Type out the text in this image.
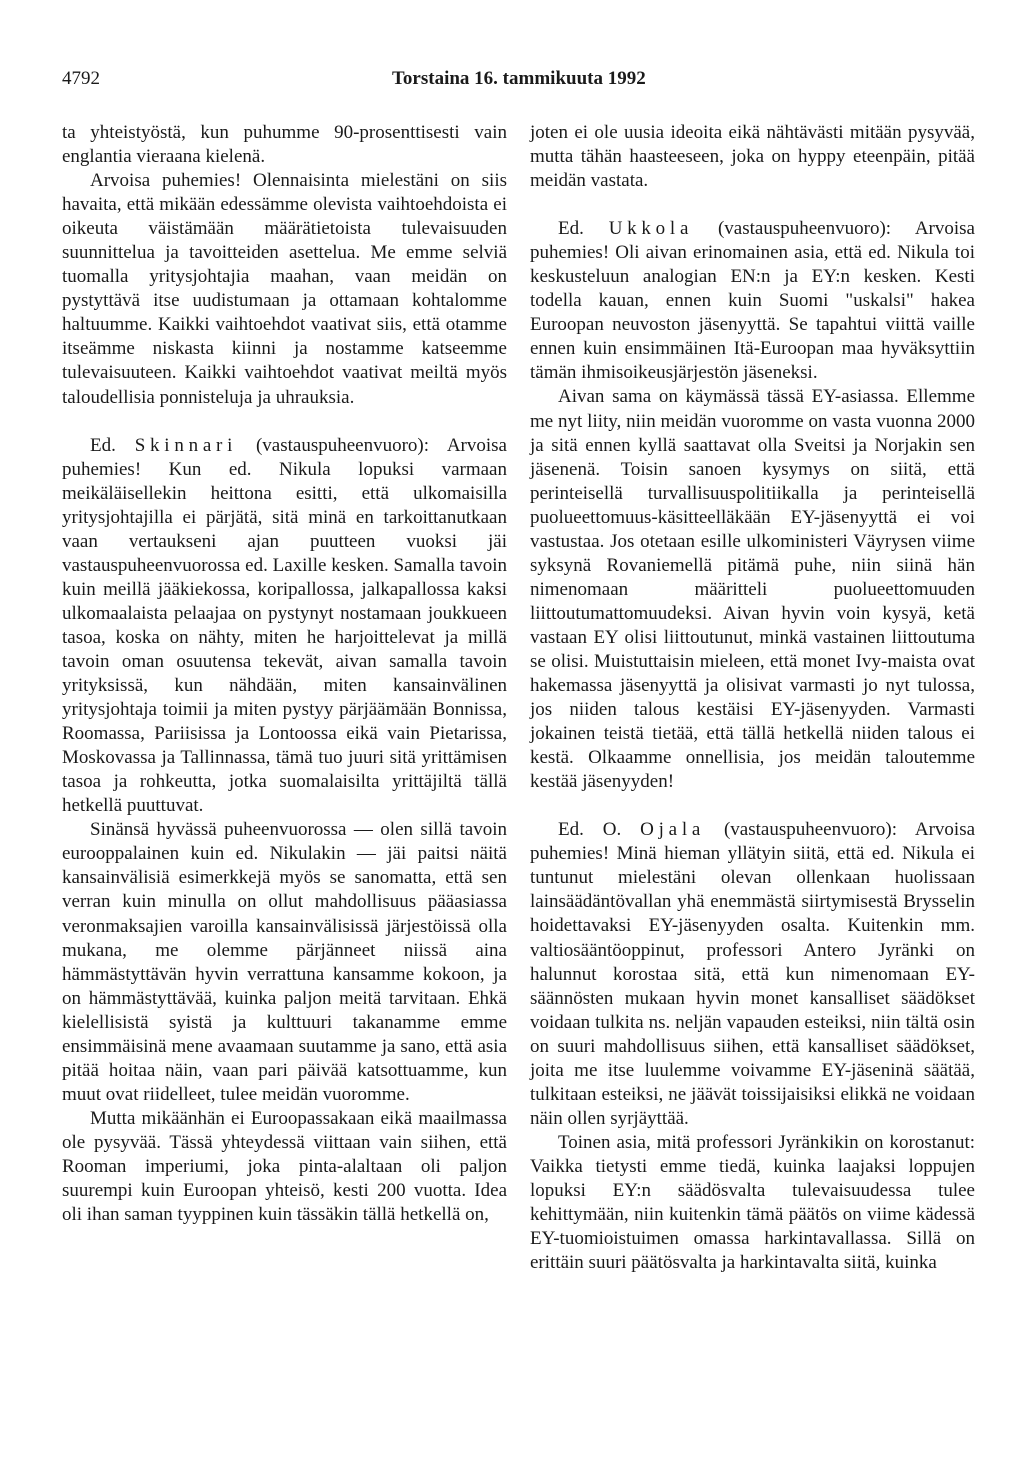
4792	Torstaina 16. tammikuuta 1992

ta yhteistyöstä, kun puhumme 90-prosenttisesti vain englantia vieraana kielenä.

Arvoisa puhemies! Olennaisinta mielestäni on siis havaita, että mikään edessämme olevista vaihtoehdoista ei oikeuta väistämään määrätietoista tulevaisuuden suunnittelua ja tavoitteiden asettelua. Me emme selviä tuomalla yritysjohtajia maahan, vaan meidän on pystyttävä itse uudistumaan ja ottamaan kohtalomme haltuumme. Kaikki vaihtoehdot vaativat siis, että otamme itseämme niskasta kiinni ja nostamme katseemme tulevaisuuteen. Kaikki vaihtoehdot vaativat meiltä myös taloudellisia ponnisteluja ja uhrauksia.

Ed. Skinnari (vastauspuheenvuoro): Arvoisa puhemies! Kun ed. Nikula lopuksi varmaan meikäläisellekin heittona esitti, että ulkomaisilla yritysjohtajilla ei pärjätä, sitä minä en tarkoittanutkaan vaan vertaukseni ajan puutteen vuoksi jäi vastauspuheenvuorossa ed. Laxille kesken. Samalla tavoin kuin meillä jääkiekossa, koripallossa, jalkapallossa kaksi ulkomaalaista pelaajaa on pystynyt nostamaan joukkueen tasoa, koska on nähty, miten he harjoittelevat ja millä tavoin oman osuutensa tekevät, aivan samalla tavoin yrityksissä, kun nähdään, miten kansainvälinen yritysjohtaja toimii ja miten pystyy pärjäämään Bonnissa, Roomassa, Pariisissa ja Lontoossa eikä vain Pietarissa, Moskovassa ja Tallinnassa, tämä tuo juuri sitä yrittämisen tasoa ja rohkeutta, jotka suomalaisilta yrittäjiltä tällä hetkellä puuttuvat.

Sinänsä hyvässä puheenvuorossa — olen sillä tavoin eurooppalainen kuin ed. Nikulakin — jäi paitsi näitä kansainvälisiä esimerkkejä myös se sanomatta, että sen verran kuin minulla on ollut mahdollisuus pääasiassa veronmaksajien varoilla kansainvälisissä järjestöissä olla mukana, me olemme pärjänneet niissä aina hämmästyttävän hyvin verrattuna kansamme kokoon, ja on hämmästyttävää, kuinka paljon meitä tarvitaan. Ehkä kielellisistä syistä ja kulttuuri takanamme emme ensimmäisinä mene avaamaan suutamme ja sano, että asia pitää hoitaa näin, vaan pari päivää katsottuamme, kun muut ovat riidelleet, tulee meidän vuoromme.

Mutta mikäänhän ei Euroopassakaan eikä maailmassa ole pysyvää. Tässä yhteydessä viittaan vain siihen, että Rooman imperiumi, joka pinta-alaltaan oli paljon suurempi kuin Euroopan yhteisö, kesti 200 vuotta. Idea oli ihan saman tyyppinen kuin tässäkin tällä hetkellä on,

joten ei ole uusia ideoita eikä nähtävästi mitään pysyvää, mutta tähän haasteeseen, joka on hyppy eteenpäin, pitää meidän vastata.

Ed. Ukkola (vastauspuheenvuoro): Arvoisa puhemies! Oli aivan erinomainen asia, että ed. Nikula toi keskusteluun analogian EN:n ja EY:n kesken. Kesti todella kauan, ennen kuin Suomi "uskalsi" hakea Euroopan neuvoston jäsenyyttä. Se tapahtui viittä vaille ennen kuin ensimmäinen Itä-Euroopan maa hyväksyttiin tämän ihmisoikeusjärjestön jäseneksi.

Aivan sama on käymässä tässä EY-asiassa. Ellemme me nyt liity, niin meidän vuoromme on vasta vuonna 2000 ja sitä ennen kyllä saattavat olla Sveitsi ja Norjakin sen jäsenenä. Toisin sanoen kysymys on siitä, että perinteisellä turvallisuuspolitiikalla ja perinteisellä puolueettomuus-käsitteelläkään EY-jäsenyyttä ei voi vastustaa. Jos otetaan esille ulkoministeri Väyrysen viime syksynä Rovaniemellä pitämä puhe, niin siinä hän nimenomaan määritteli puolueettomuuden liittoutumattomuudeksi. Aivan hyvin voin kysyä, ketä vastaan EY olisi liittoutunut, minkä vastainen liittoutuma se olisi. Muistuttaisin mieleen, että monet Ivy-maista ovat hakemassa jäsenyyttä ja olisivat varmasti jo nyt tulossa, jos niiden talous kestäisi EY-jäsenyyden. Varmasti jokainen teistä tietää, että tällä hetkellä niiden talous ei kestä. Olkaamme onnellisia, jos meidän taloutemme kestää jäsenyyden!

Ed. O. Ojala (vastauspuheenvuoro): Arvoisa puhemies! Minä hieman yllätyin siitä, että ed. Nikula ei tuntunut mielestäni olevan ollenkaan huolissaan lainsäädäntövallan yhä enemmästä siirtymisestä Brysselin hoidettavaksi EY-jäsenyyden osalta. Kuitenkin mm. valtiosääntöoppinut, professori Antero Jyränki on halunnut korostaa sitä, että kun nimenomaan EY-säännösten mukaan hyvin monet kansalliset säädökset voidaan tulkita ns. neljän vapauden esteiksi, niin tältä osin on suuri mahdollisuus siihen, että kansalliset säädökset, joita me itse luulemme voivamme EY-jäseninä säätää, tulkitaan esteiksi, ne jäävät toissijaisiksi elikkä ne voidaan näin ollen syrjäyttää.

Toinen asia, mitä professori Jyränkikin on korostanut: Vaikka tietysti emme tiedä, kuinka laajaksi loppujen lopuksi EY:n säädösvalta tulevaisuudessa tulee kehittymään, niin kuitenkin tämä päätös on viime kädessä EY-tuomioistuimen omassa harkintavallassa. Sillä on erittäin suuri päätösvalta ja harkintavalta siitä, kuinka
